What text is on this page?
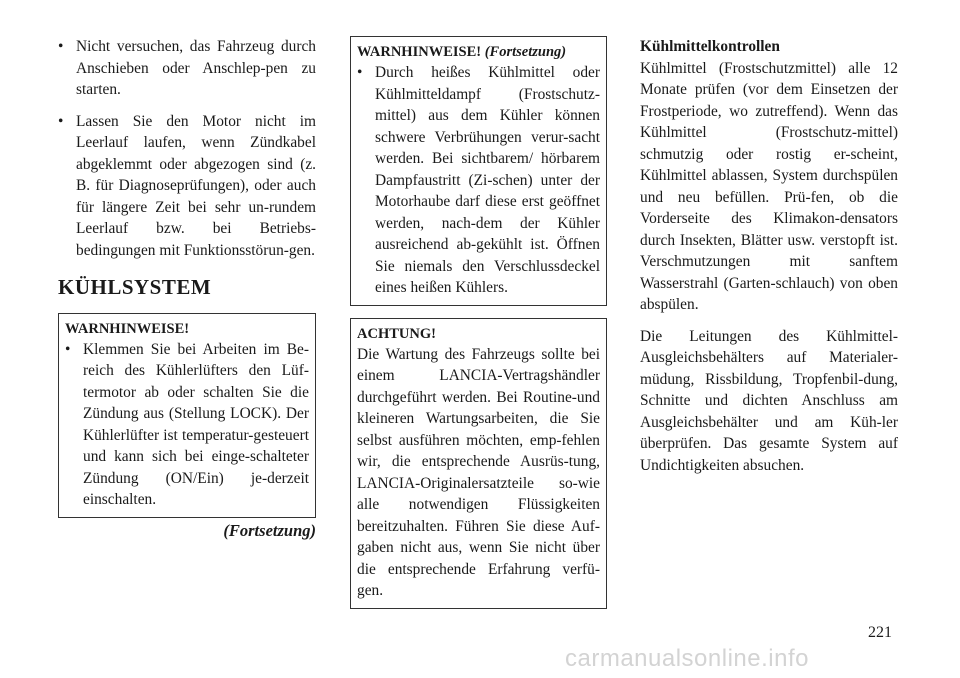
• Nicht versuchen, das Fahrzeug durch Anschieben oder Anschlep-pen zu starten.
• Lassen Sie den Motor nicht im Leerlauf laufen, wenn Zündkabel abgeklemmt oder abgezogen sind (z. B. für Diagnoseprüfungen), oder auch für längere Zeit bei sehr un-rundem Leerlauf bzw. bei Betriebs-bedingungen mit Funktionsstörun-gen.
KÜHLSYSTEM
WARNHINWEISE!
• Klemmen Sie bei Arbeiten im Be-reich des Kühlerlüfters den Lüf-termotor ab oder schalten Sie die Zündung aus (Stellung LOCK). Der Kühlerlüfter ist temperatur-gesteuert und kann sich bei einge-schalteter Zündung (ON/Ein) je-derzeit einschalten.
(Fortsetzung)
WARNHINWEISE! (Fortsetzung)
• Durch heißes Kühlmittel oder Kühlmitteldampf (Frostschutz-mittel) aus dem Kühler können schwere Verbrühungen verur-sacht werden. Bei sichtbarem/ hörbarem Dampfaustritt (Zi-schen) unter der Motorhaube darf diese erst geöffnet werden, nach-dem der Kühler ausreichend ab-gekühlt ist. Öffnen Sie niemals den Verschlussdeckel eines heißen Kühlers.
ACHTUNG!
Die Wartung des Fahrzeugs sollte bei einem LANCIA-Vertragshändler durchgeführt werden. Bei Routine-und kleineren Wartungsarbeiten, die Sie selbst ausführen möchten, emp-fehlen wir, die entsprechende Ausrüs-tung, LANCIA-Originalersatzteile so-wie alle notwendigen Flüssigkeiten bereitzuhalten. Führen Sie diese Auf-gaben nicht aus, wenn Sie nicht über die entsprechende Erfahrung verfü-gen.
Kühlmittelkontrollen

Kühlmittel (Frostschutzmittel) alle 12 Monate prüfen (vor dem Einsetzen der Frostperiode, wo zutreffend). Wenn das Kühlmittel (Frostschutz-mittel) schmutzig oder rostig er-scheint, Kühlmittel ablassen, System durchspülen und neu befüllen. Prü-fen, ob die Vorderseite des Klimakon-densators durch Insekten, Blätter usw. verstopft ist. Verschmutzungen mit sanftem Wasserstrahl (Garten-schlauch) von oben abspülen.

Die Leitungen des Kühlmittel-Ausgleichsbehälters auf Materialer-müdung, Rissbildung, Tropfenbil-dung, Schnitte und dichten Anschluss am Ausgleichsbehälter und am Küh-ler überprüfen. Das gesamte System auf Undichtigkeiten absuchen.

221
carmanualsonline.info
